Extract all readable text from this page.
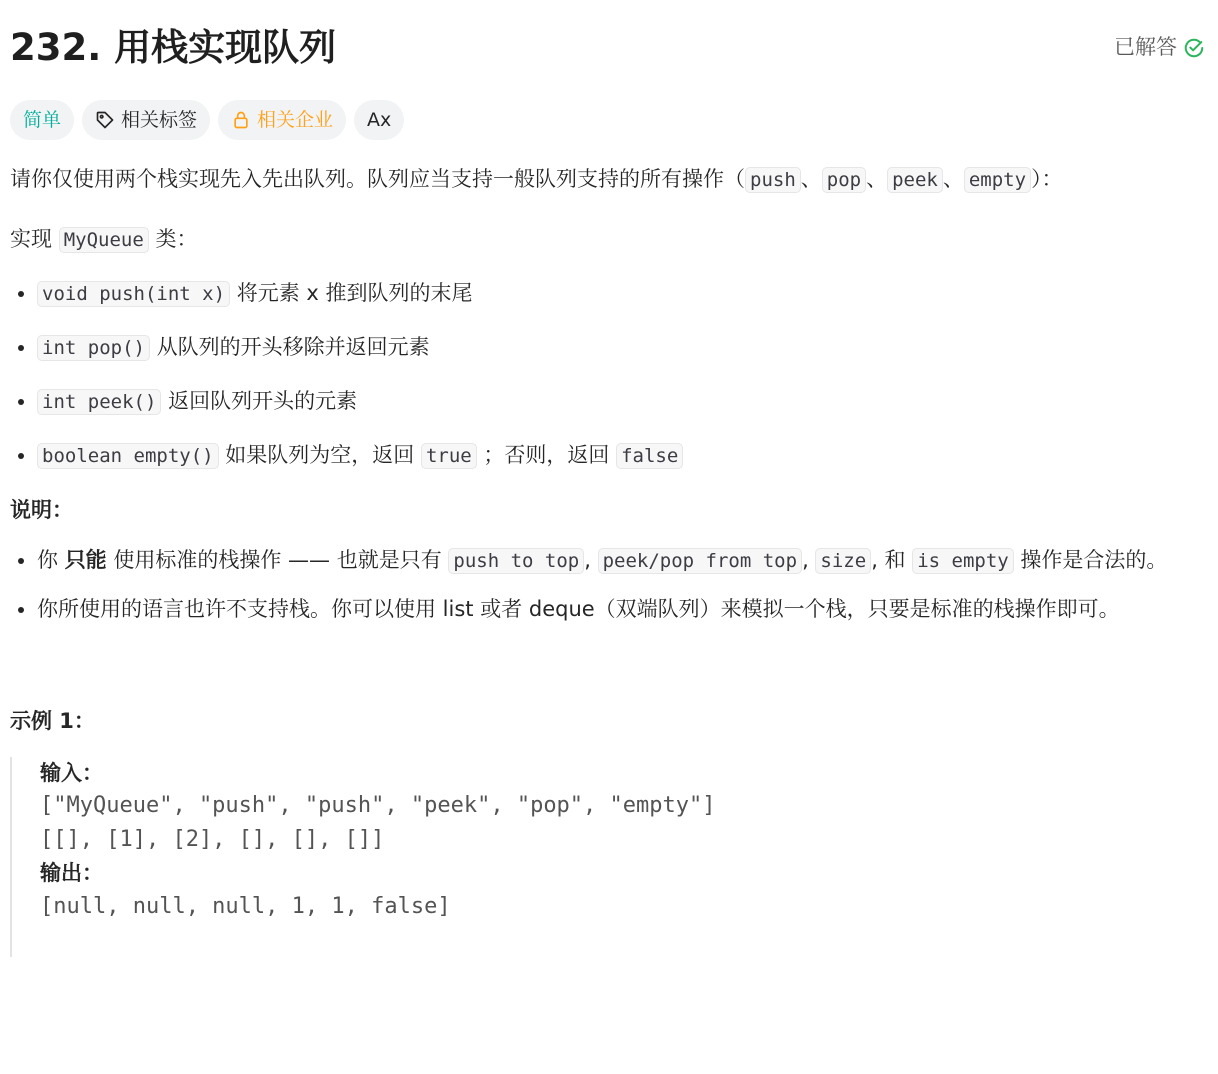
232. 用栈实现队列	已解答
简单	相关标签	相关企业 Ax

请你仅使用两个栈实现先入先出队列。队列应当支持一般队列支持的所有操作（ push 、 pop 、 peek 、 empty ）：

实现 MyQueue 类：

• void push(int x) 将元素 x 推到队列的末尾
• int pop() 从队列的开头移除并返回元素
• int peek() 返回队列开头的元素
• boolean empty() 如果队列为空，返回 true ；否则，返回 false

说明：

• 你 只能 使用标准的栈操作 —— 也就是只有 push to top , peek/pop from top , size , 和 is empty 操作是合法的。
• 你所使用的语言也许不支持栈。你可以使用 list 或者 deque（双端队列）来模拟一个栈，只要是标准的栈操作即可。

示例 1：

输入：
["MyQueue", "push", "push", "peek", "pop", "empty"]
[[], [1], [2], [], [], []]
输出：
[null, null, null, 1, 1, false]
